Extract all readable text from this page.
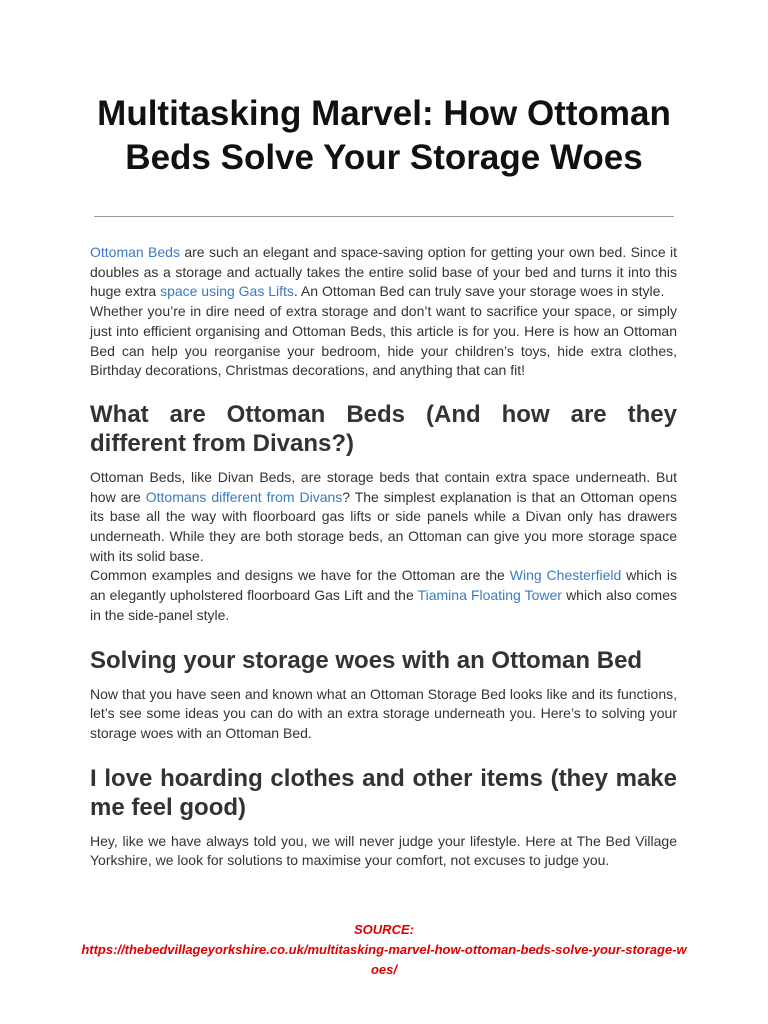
Multitasking Marvel: How Ottoman Beds Solve Your Storage Woes

Ottoman Beds are such an elegant and space-saving option for getting your own bed. Since it doubles as a storage and actually takes the entire solid base of your bed and turns it into this huge extra space using Gas Lifts. An Ottoman Bed can truly save your storage woes in style.

Whether you’re in dire need of extra storage and don’t want to sacrifice your space, or simply just into efficient organising and Ottoman Beds, this article is for you. Here is how an Ottoman Bed can help you reorganise your bedroom, hide your children’s toys, hide extra clothes, Birthday decorations, Christmas decorations, and anything that can fit!

What are Ottoman Beds (And how are they different from Divans?)

Ottoman Beds, like Divan Beds, are storage beds that contain extra space underneath. But how are Ottomans different from Divans? The simplest explanation is that an Ottoman opens its base all the way with floorboard gas lifts or side panels while a Divan only has drawers underneath. While they are both storage beds, an Ottoman can give you more storage space with its solid base.

Common examples and designs we have for the Ottoman are the Wing Chesterfield which is an elegantly upholstered floorboard Gas Lift and the Tiamina Floating Tower which also comes in the side-panel style.

Solving your storage woes with an Ottoman Bed

Now that you have seen and known what an Ottoman Storage Bed looks like and its functions, let’s see some ideas you can do with an extra storage underneath you. Here’s to solving your storage woes with an Ottoman Bed.

I love hoarding clothes and other items (they make me feel good)

Hey, like we have always told you, we will never judge your lifestyle. Here at The Bed Village Yorkshire, we look for solutions to maximise your comfort, not excuses to judge you.

SOURCE:
https://thebedvillageyorkshire.co.uk/multitasking-marvel-how-ottoman-beds-solve-your-storage-woes/
